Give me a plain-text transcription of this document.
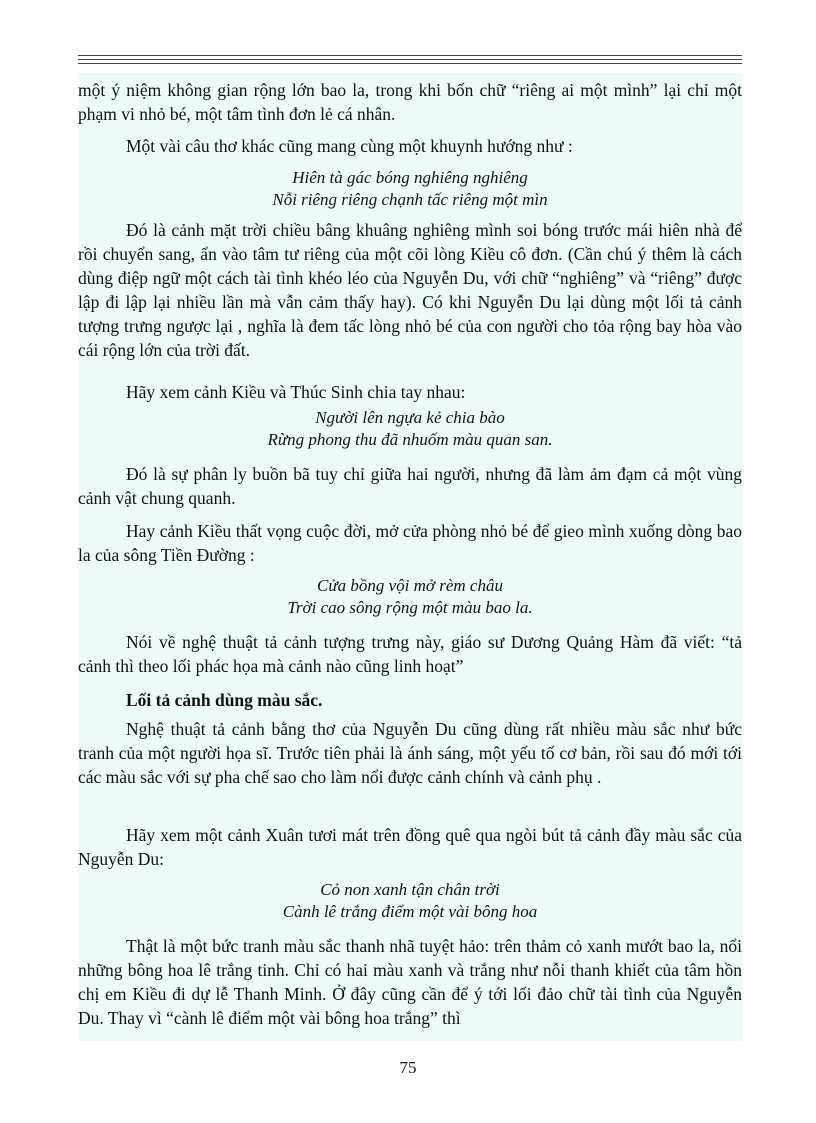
một ý niệm không gian rộng lớn bao la, trong khi bốn chữ “riêng ai một mình” lại chỉ một phạm vi nhỏ bé, một tâm tình đơn lẻ cá nhân.

Một vài câu thơ khác cũng mang cùng một khuynh hướng như :

Hiên tà gác bóng nghiêng nghiêng
Nỗi riêng riêng chạnh tấc riêng một mìn

Đó là cảnh mặt trời chiều bâng khuâng nghiêng mình soi bóng trước mái hiên nhà để rồi chuyển sang, ẩn vào tâm tư riêng của một cõi lòng Kiều cô đơn. (Cần chú ý thêm là cách dùng điệp ngữ một cách tài tình khéo léo của Nguyễn Du, với chữ “nghiêng” và “riêng” được lập đi lập lại nhiều lần mà vẫn cảm thấy hay). Có khi Nguyễn Du lại dùng một lối tả cảnh tượng trưng ngược lại , nghĩa là đem tấc lòng nhỏ bé của con người cho tỏa rộng bay hòa vào cái rộng lớn của trời đất.

Hãy xem cảnh Kiều và Thúc Sinh chia tay nhau:

Người lên ngựa kẻ chia bào
Rừng phong thu đã nhuốm màu quan san.

Đó là sự phân ly buồn bã tuy chỉ giữa hai người, nhưng đã làm ảm đạm cả một vùng cảnh vật chung quanh.

Hay cảnh Kiều thất vọng cuộc đời, mở cửa phòng nhỏ bé để gieo mình xuống dòng bao la của sông Tiền Đường :

Cửa bồng vội mở rèm châu
Trời cao sông rộng một màu bao la.

Nói về nghệ thuật tả cảnh tượng trưng này, giáo sư Dương Quảng Hàm đã viết: “tả cảnh thì theo lối phác họa mà cảnh nào cũng linh hoạt”

Lối tả cảnh dùng màu sắc.

Nghệ thuật tả cảnh bằng thơ của Nguyễn Du cũng dùng rất nhiều màu sắc như bức tranh của một người họa sĩ. Trước tiên phải là ánh sáng, một yếu tố cơ bản, rồi sau đó mới tới các màu sắc với sự pha chế sao cho làm nổi được cảnh chính và cảnh phụ .

Hãy xem một cảnh Xuân tươi mát trên đồng quê qua ngòi bút tả cảnh đầy màu sắc của Nguyễn Du:

Cỏ non xanh tận chân trời
Cành lê trắng điểm một vài bông hoa

Thật là một bức tranh màu sắc thanh nhã tuyệt hảo: trên thảm cỏ xanh mướt bao la, nổi những bông hoa lê trắng tinh. Chỉ có hai màu xanh và trắng như nỗi thanh khiết của tâm hồn chị em Kiều đi dự lễ Thanh Minh. Ở đây cũng cần để ý tới lối đảo chữ tài tình của Nguyễn Du. Thay vì “cành lê điểm một vài bông hoa trắng” thì

75
